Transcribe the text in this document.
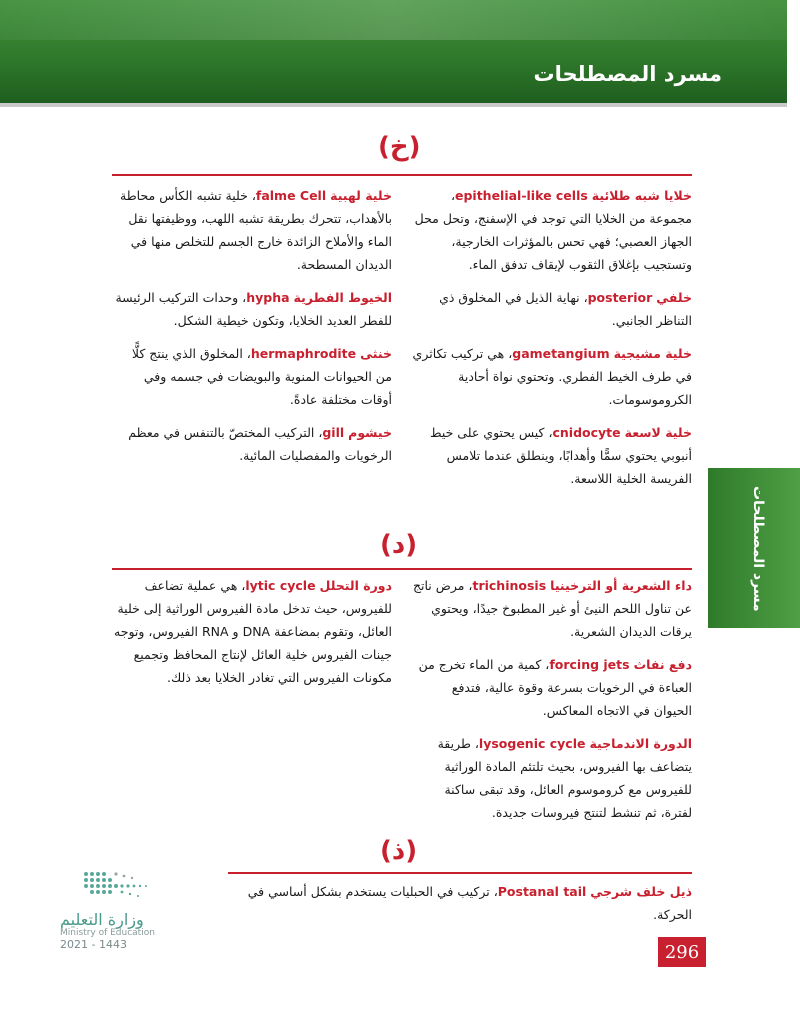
مسرد المصطلحات
مسرد المصطلحات
(خ)
خلايا شبه طلائية epithelial-like cells، مجموعة من الخلايا التي توجد في الإسفنج، وتحل محل الجهاز العصبي؛ فهي تحس بالمؤثرات الخارجية، وتستجيب بإغلاق الثقوب لإيقاف تدفق الماء.
خلفي posterior، نهاية الذيل في المخلوق ذي التناظر الجانبي.
خلية مشيجية gametangium، هي تركيب تكاثري في طرف الخيط الفطري. وتحتوي نواة أحادية الكروموسومات.
خلية لاسعة cnidocyte، كيس يحتوي على خيط أنبوبي يحتوي سمًّا وأهدابًا، وينطلق عندما تلامس الفريسة الخلية اللاسعة.
خلية لهبية falme Cell، خلية تشبه الكأس محاطة بالأهداب، تتحرك بطريقة تشبه اللهب، ووظيفتها نقل الماء والأملاح الزائدة خارج الجسم للتخلص منها في الديدان المسطحة.
الخيوط الفطرية hypha، وحدات التركيب الرئيسة للفطر العديد الخلايا، وتكون خيطية الشكل.
خنثى hermaphrodite، المخلوق الذي ينتج كلًّا من الحيوانات المنوية والبويضات في جسمه وفي أوقات مختلفة عادةً.
خيشوم gill، التركيب المختصّ بالتنفس في معظم الرخويات والمفصليات المائية.
(د)
داء الشعرية أو الترخينيا trichinosis، مرض ناتج عن تناول اللحم النيئ أو غير المطبوخ جيدًا، ويحتوي يرقات الديدان الشعرية.
دفع نفاث forcing jets، كمية من الماء تخرج من العباءة في الرخويات بسرعة وقوة عالية، فتدفع الحيوان في الاتجاه المعاكس.
الدورة الاندماجية lysogenic cycle، طريقة يتضاعف بها الفيروس، بحيث تلتئم المادة الوراثية للفيروس مع كروموسوم العائل، وقد تبقى ساكنة لفترة، ثم تنشط لتنتج فيروسات جديدة.
دورة التحلل lytic cycle، هي عملية تضاعف للفيروس، حيث تدخل مادة الفيروس الوراثية إلى خلية العائل، وتقوم بمضاعفة DNA و RNA الفيروس، وتوجه جينات الفيروس خلية العائل لإنتاج المحافظ وتجميع مكونات الفيروس التي تغادر الخلايا بعد ذلك.
(ذ)
ذيل خلف شرجي Postanal tail، تركيب في الحبليات يستخدم بشكل أساسي في الحركة.
وزارة التعليم
Ministry of Education
2021 - 1443	296
